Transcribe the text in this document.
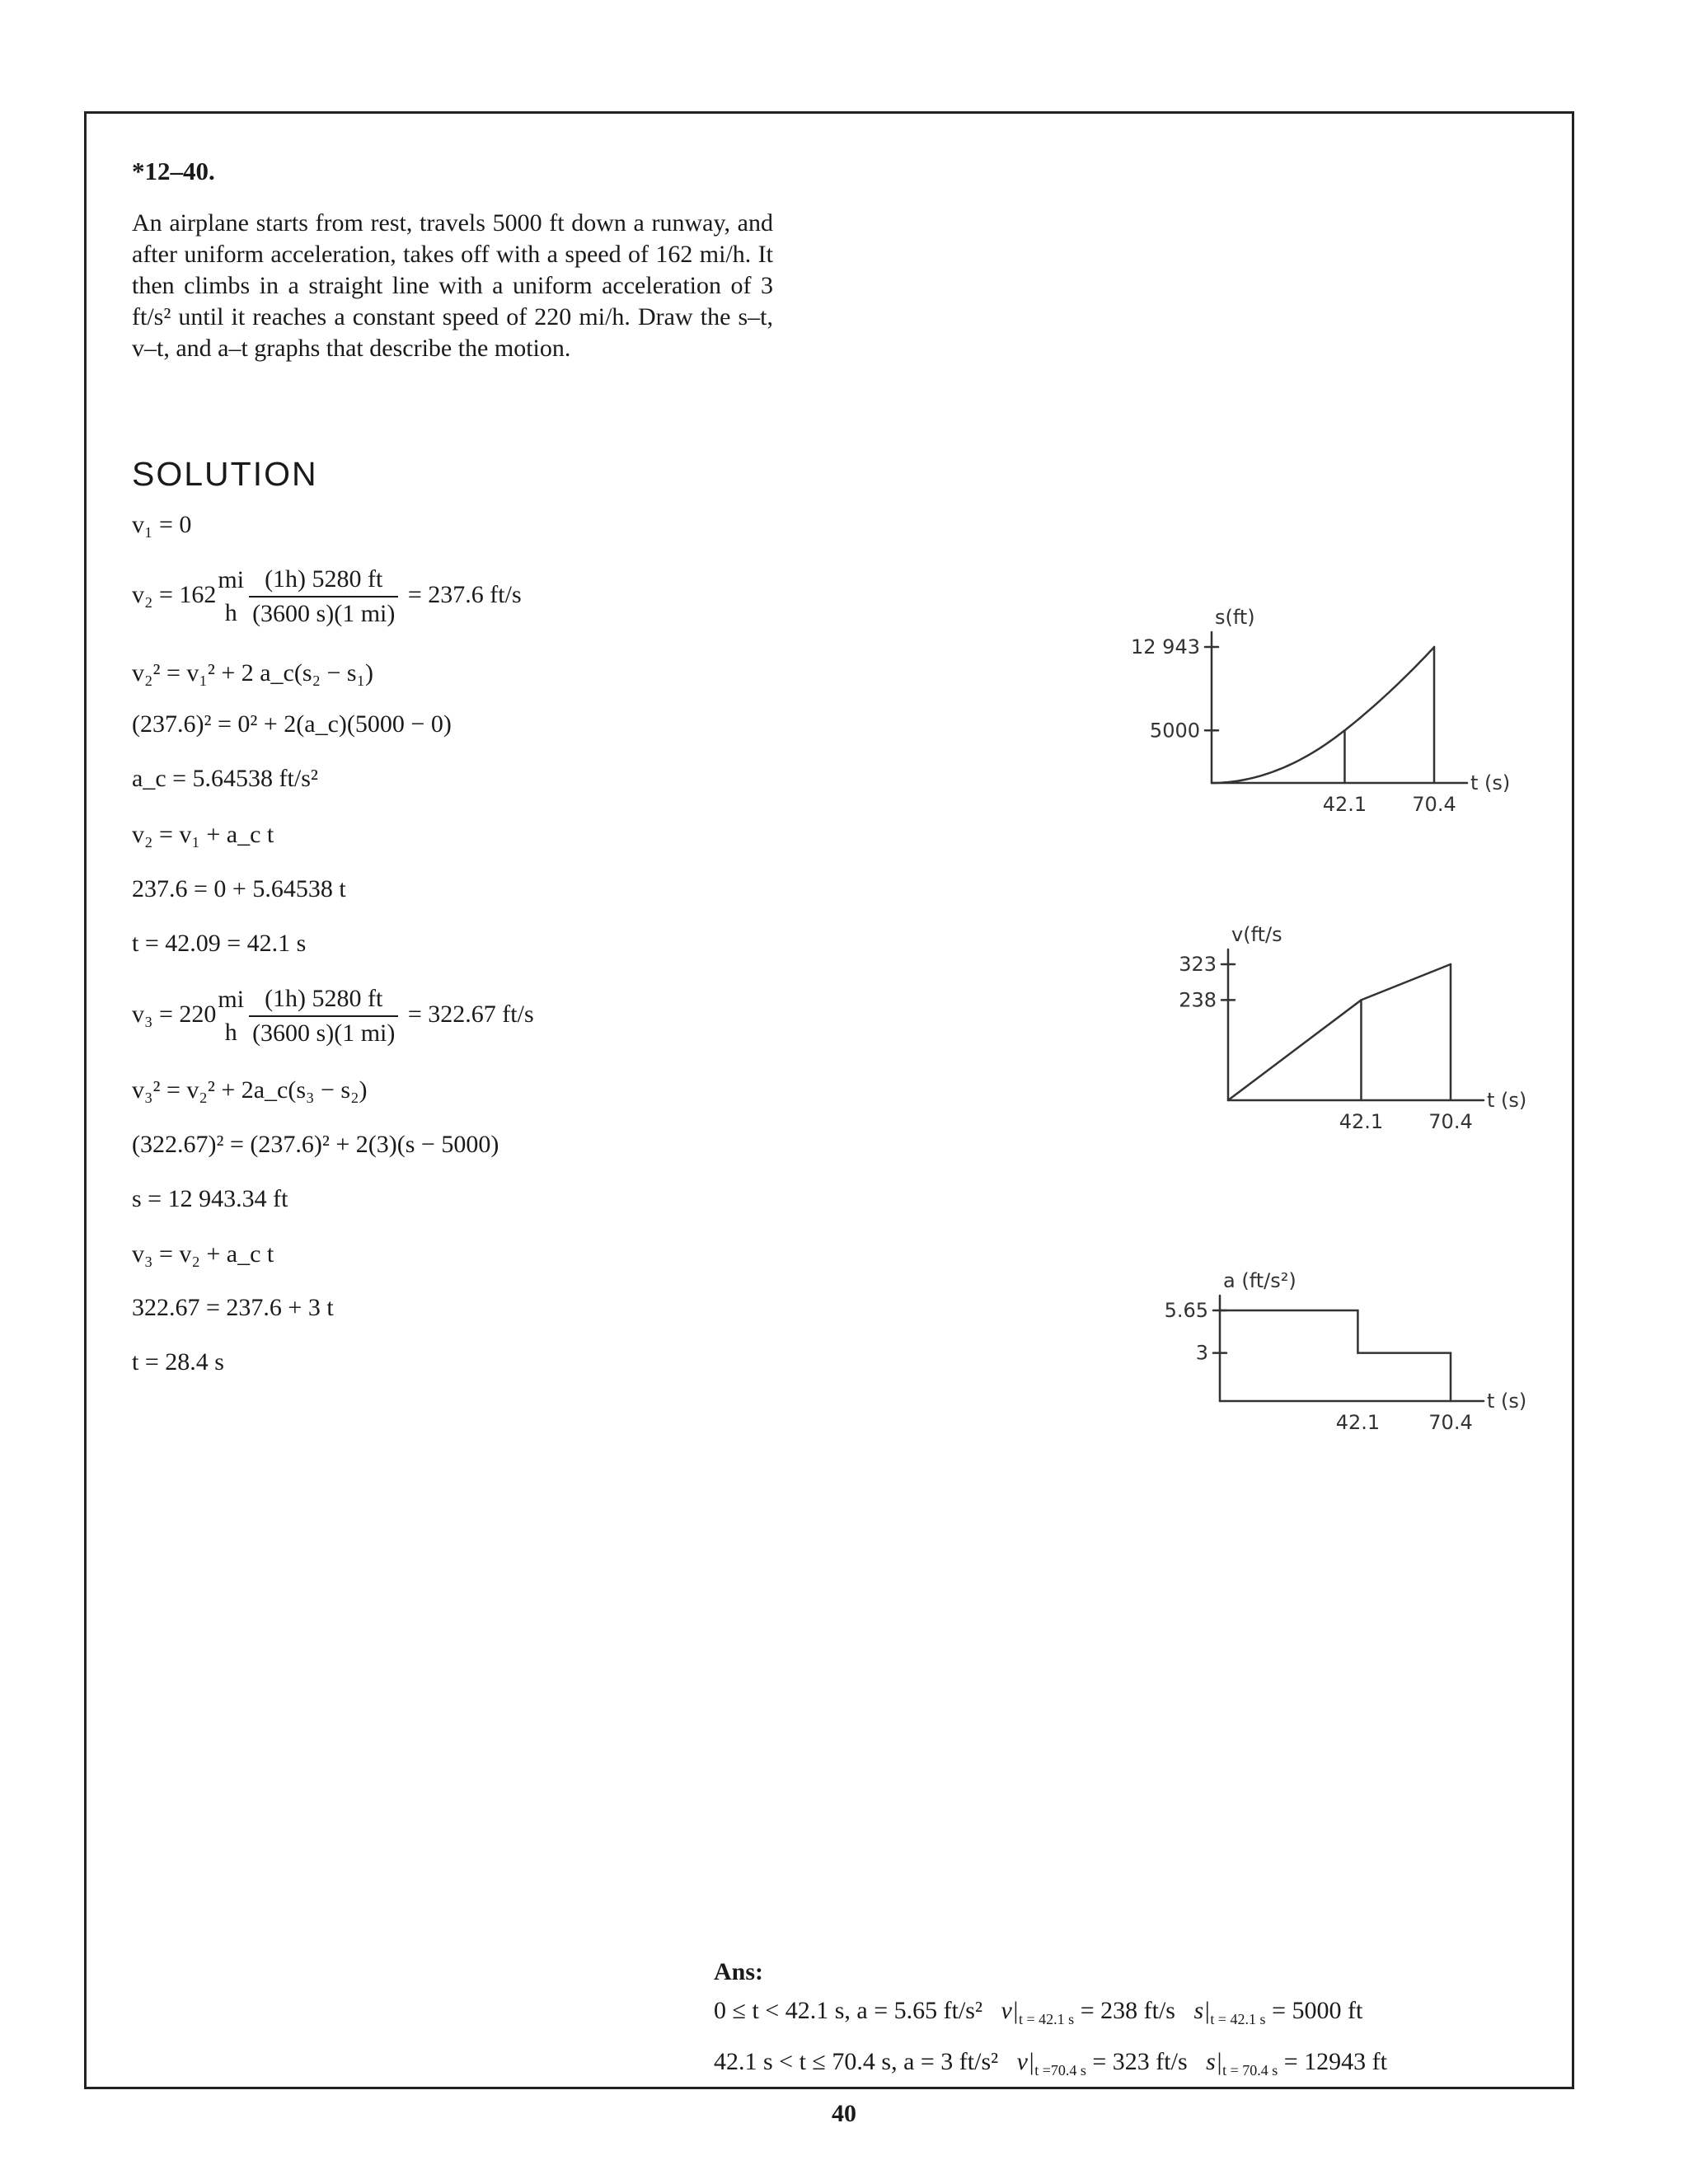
*12–40.

An airplane starts from rest, travels 5000 ft down a runway, and after uniform acceleration, takes off with a speed of 162 mi/h. It then climbs in a straight line with a uniform acceleration of 3 ft/s² until it reaches a constant speed of 220 mi/h. Draw the s–t, v–t, and a–t graphs that describe the motion.

SOLUTION
v₁ = 0
v₂ = 162
mi
h $\frac{(1h) 5280 ft}{(3600 s)(1 mi)} = 237.6$ ft/s
v₂² = v₁² + 2 a_c(s₂ − s₁)
(237.6)² = 0² + 2(a_c)(5000 − 0)
a_c = 5.64538 ft/s²
v₂ = v₁ + a_c t
237.6 = 0 + 5.64538 t
t = 42.09 = 42.1 s
v₃ = 220
mi
h $\frac{(1h) 5280 ft}{(3600 s)(1 mi)} = 322.67$ ft/s
v₃² = v₂² + 2a_c(s₃ − s₂)
(322.67)² = (237.6)² + 2(3)(s − 5000)
s = 12 943.34 ft
v₃ = v₂ + a_c t
322.67 = 237.6 + 3 t
t = 28.4 s
s(ft)
t (s)
12 943
5000
42.1 70.4
v(ft/s
t (s)
323
238
42.1 70.4
a (ft/s²)
t (s)
5.65
3
42.1 70.4
Ans:
0 ≤ t < 42.1 s, a = 5.65 ft/s² $v|_{t = 42.1 s} = 238$ ft/s $s|_{t = 42.1 s} = 5000$ ft
42.1 s < t ≤ 70.4 s, a = 3 ft/s² $v|_{t =70.4 s} = 323$ ft/s $s|_{t = 70.4 s} = 12943$ ft
40
